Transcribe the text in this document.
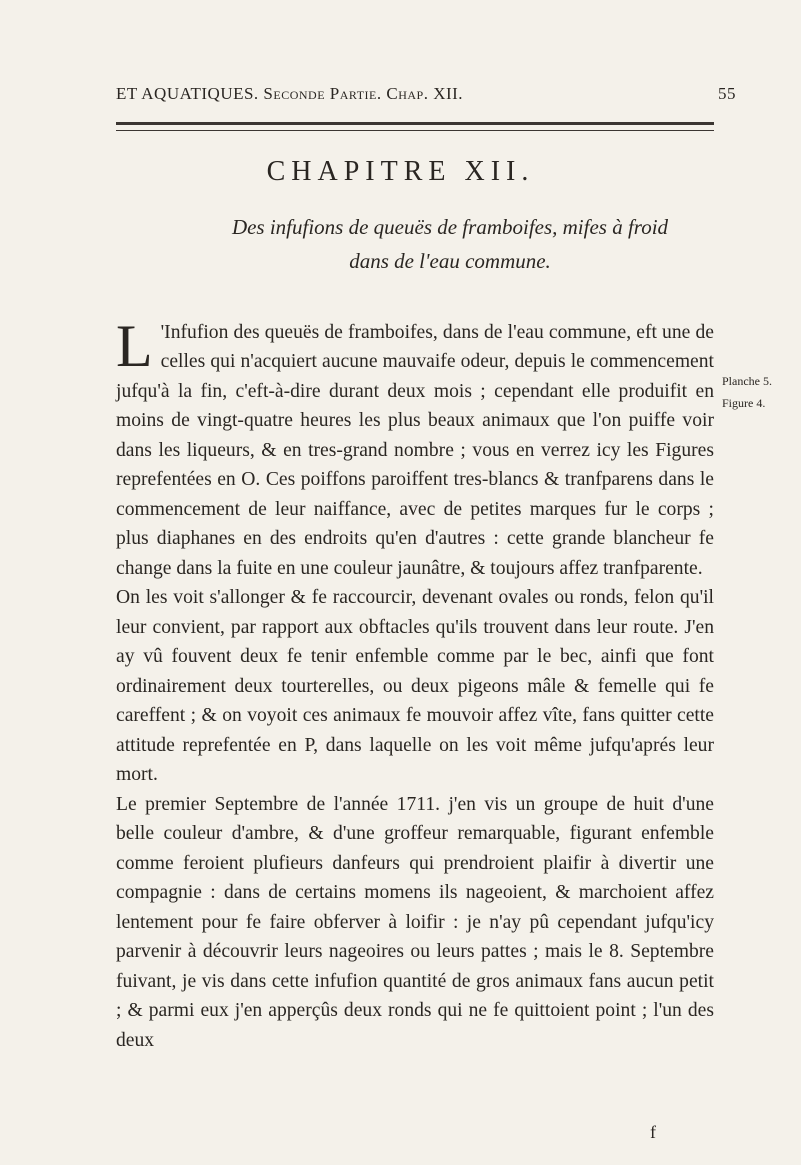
ET AQUATIQUES. Seconde Partie. Chap. XII.	55
CHAPITRE XII.
Des infufions de queuës de framboifes, mifes à froid dans de l'eau commune.

L 'Infufion des queuës de framboifes, dans de l'eau commune, eft une de celles qui n'acquiert aucune mauvaife odeur, depuis le commencement jufqu'à la fin, c'eft-à-dire durant deux mois ; cependant elle produifit en moins de vingt-quatre heures les plus beaux animaux que l'on puiffe voir dans les liqueurs, & en tres-grand nombre ; vous en verrez icy les Figures reprefentées en O. Ces poiffons paroiffent tres-blancs & tranfparens dans le commencement de leur naiffance, avec de petites marques fur le corps ; plus diaphanes en des endroits qu'en d'autres : cette grande blancheur fe change dans la fuite en une couleur jaunâtre, & toujours affez tranfparente.
On les voit s'allonger & fe raccourcir, devenant ovales ou ronds, felon qu'il leur convient, par rapport aux obftacles qu'ils trouvent dans leur route. J'en ay vû fouvent deux fe tenir enfemble comme par le bec, ainfi que font ordinairement deux tourterelles, ou deux pigeons mâle & femelle qui fe careffent ; & on voyoit ces animaux fe mouvoir affez vîte, fans quitter cette attitude reprefentée en P, dans laquelle on les voit même jufqu'aprés leur mort.
Le premier Septembre de l'année 1711. j'en vis un groupe de huit d'une belle couleur d'ambre, & d'une groffeur remarquable, figurant enfemble comme feroient plufieurs danfeurs qui prendroient plaifir à divertir une compagnie : dans de certains momens ils nageoient, & marchoient affez lentement pour fe faire obferver à loifir : je n'ay pû cependant jufqu'icy parvenir à découvrir leurs nageoires ou leurs pattes ; mais le 8. Septembre fuivant, je vis dans cette infufion quantité de gros animaux fans aucun petit ; & parmi eux j'en apperçûs deux ronds qui ne fe quittoient point ; l'un des deux

Planche 5.
Figure 4.
f
